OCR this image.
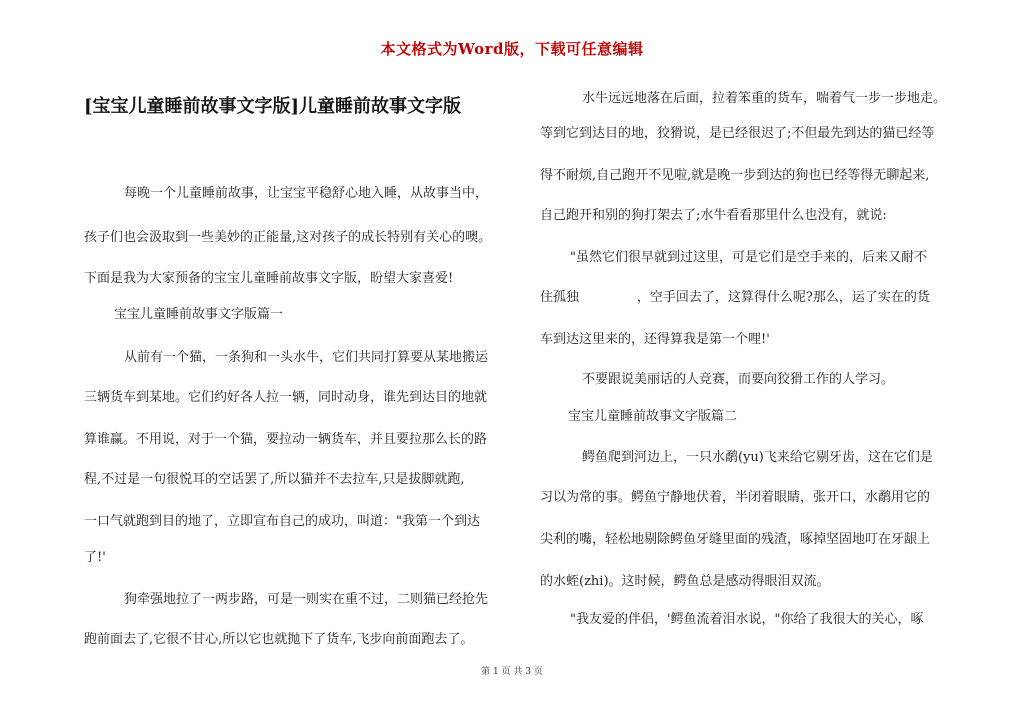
本文格式为Word版，下载可任意编辑
[宝宝儿童睡前故事文字版]儿童睡前故事文字版
每晚一个儿童睡前故事，让宝宝平稳舒心地入睡，从故事当中，
孩子们也会汲取到一些美妙的正能量,这对孩子的成长特别有关心的噢。
下面是我为大家预备的宝宝儿童睡前故事文字版，盼望大家喜爱!
宝宝儿童睡前故事文字版篇一
从前有一个猫，一条狗和一头水牛，它们共同打算要从某地搬运
三辆货车到某地。它们约好各人拉一辆，同时动身，谁先到达目的地就
算谁赢。不用说，对于一个猫，要拉动一辆货车，并且要拉那么长的路
程,不过是一句很悦耳的空话罢了,所以猫并不去拉车,只是拔脚就跑,
一口气就跑到目的地了，立即宣布自己的成功，叫道："我第一个到达
了!'
狗牵强地拉了一两步路，可是一则实在重不过，二则猫已经抢先
跑前面去了,它很不甘心,所以它也就抛下了货车,飞步向前面跑去了。
水牛远远地落在后面，拉着笨重的货车，喘着气一步一步地走。
等到它到达目的地，狡猾说，是已经很迟了;不但最先到达的猫已经等
得不耐烦,自己跑开不见啦,就是晚一步到达的狗也已经等得无聊起来,
自己跑开和别的狗打架去了;水牛看看那里什么也没有，就说:
"虽然它们很早就到过这里，可是它们是空手来的，后来又耐不
住孤独              ，空手回去了，这算得什么呢?那么，运了实在的货
车到达这里来的，还得算我是第一个哩!'
不要跟说美丽话的人竞赛，而要向狡猾工作的人学习。
宝宝儿童睡前故事文字版篇二
鳄鱼爬到河边上，一只水鹬(yu)飞来给它剔牙齿，这在它们是
习以为常的事。鳄鱼宁静地伏着，半闭着眼睛，张开口，水鹬用它的
尖利的嘴，轻松地剔除鳄鱼牙缝里面的残渣，啄掉坚固地叮在牙龈上
的水蛭(zhi)。这时候，鳄鱼总是感动得眼泪双流。
"我友爱的伴侣，'鳄鱼流着泪水说，"你给了我很大的关心，啄
第 1 页 共 3 页
